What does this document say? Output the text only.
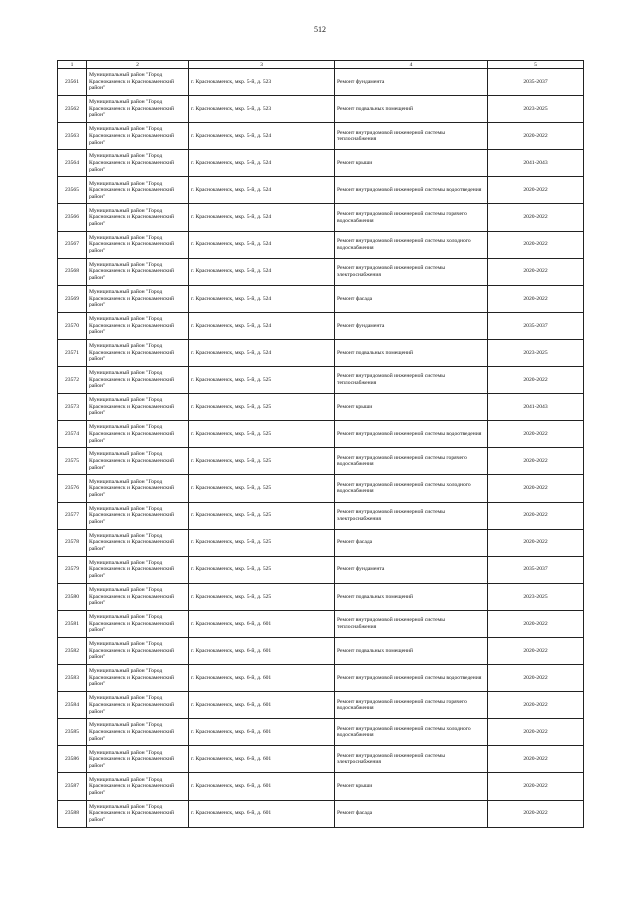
512
1	2	3	4	5
23561	Муниципальный район "Город Краснокаменск и Краснокаменский район"	г. Краснокаменск, мкр. 5-й, д. 523	Ремонт фундамента	2035-2037
23562	Муниципальный район "Город Краснокаменск и Краснокаменский район"	г. Краснокаменск, мкр. 5-й, д. 523	Ремонт подвальных помещений	2023-2025
23563	Муниципальный район "Город Краснокаменск и Краснокаменский район"	г. Краснокаменск, мкр. 5-й, д. 524	Ремонт внутридомовой инженерной системы теплоснабжения	2020-2022
23564	Муниципальный район "Город Краснокаменск и Краснокаменский район"	г. Краснокаменск, мкр. 5-й, д. 524	Ремонт крыши	2041-2043
23565	Муниципальный район "Город Краснокаменск и Краснокаменский район"	г. Краснокаменск, мкр. 5-й, д. 524	Ремонт внутридомовой инженерной системы водоотведения	2020-2022
23566	Муниципальный район "Город Краснокаменск и Краснокаменский район"	г. Краснокаменск, мкр. 5-й, д. 524	Ремонт внутридомовой инженерной системы горячего водоснабжения	2020-2022
23567	Муниципальный район "Город Краснокаменск и Краснокаменский район"	г. Краснокаменск, мкр. 5-й, д. 524	Ремонт внутридомовой инженерной системы холодного водоснабжения	2020-2022
23568	Муниципальный район "Город Краснокаменск и Краснокаменский район"	г. Краснокаменск, мкр. 5-й, д. 524	Ремонт внутридомовой инженерной системы электроснабжения	2020-2022
23569	Муниципальный район "Город Краснокаменск и Краснокаменский район"	г. Краснокаменск, мкр. 5-й, д. 524	Ремонт фасада	2020-2022
23570	Муниципальный район "Город Краснокаменск и Краснокаменский район"	г. Краснокаменск, мкр. 5-й, д. 524	Ремонт фундамента	2035-2037
23571	Муниципальный район "Город Краснокаменск и Краснокаменский район"	г. Краснокаменск, мкр. 5-й, д. 524	Ремонт подвальных помещений	2023-2025
23572	Муниципальный район "Город Краснокаменск и Краснокаменский район"	г. Краснокаменск, мкр. 5-й, д. 525	Ремонт внутридомовой инженерной системы теплоснабжения	2020-2022
23573	Муниципальный район "Город Краснокаменск и Краснокаменский район"	г. Краснокаменск, мкр. 5-й, д. 525	Ремонт крыши	2041-2043
23574	Муниципальный район "Город Краснокаменск и Краснокаменский район"	г. Краснокаменск, мкр. 5-й, д. 525	Ремонт внутридомовой инженерной системы водоотведения	2020-2022
23575	Муниципальный район "Город Краснокаменск и Краснокаменский район"	г. Краснокаменск, мкр. 5-й, д. 525	Ремонт внутридомовой инженерной системы горячего водоснабжения	2020-2022
23576	Муниципальный район "Город Краснокаменск и Краснокаменский район"	г. Краснокаменск, мкр. 5-й, д. 525	Ремонт внутридомовой инженерной системы холодного водоснабжения	2020-2022
23577	Муниципальный район "Город Краснокаменск и Краснокаменский район"	г. Краснокаменск, мкр. 5-й, д. 525	Ремонт внутридомовой инженерной системы электроснабжения	2020-2022
23578	Муниципальный район "Город Краснокаменск и Краснокаменский район"	г. Краснокаменск, мкр. 5-й, д. 525	Ремонт фасада	2020-2022
23579	Муниципальный район "Город Краснокаменск и Краснокаменский район"	г. Краснокаменск, мкр. 5-й, д. 525	Ремонт фундамента	2035-2037
23580	Муниципальный район "Город Краснокаменск и Краснокаменский район"	г. Краснокаменск, мкр. 5-й, д. 525	Ремонт подвальных помещений	2023-2025
23581	Муниципальный район "Город Краснокаменск и Краснокаменский район"	г. Краснокаменск, мкр. 6-й, д. 601	Ремонт внутридомовой инженерной системы теплоснабжения	2020-2022
23582	Муниципальный район "Город Краснокаменск и Краснокаменский район"	г. Краснокаменск, мкр. 6-й, д. 601	Ремонт подвальных помещений	2020-2022
23583	Муниципальный район "Город Краснокаменск и Краснокаменский район"	г. Краснокаменск, мкр. 6-й, д. 601	Ремонт внутридомовой инженерной системы водоотведения	2020-2022
23584	Муниципальный район "Город Краснокаменск и Краснокаменский район"	г. Краснокаменск, мкр. 6-й, д. 601	Ремонт внутридомовой инженерной системы горячего водоснабжения	2020-2022
23585	Муниципальный район "Город Краснокаменск и Краснокаменский район"	г. Краснокаменск, мкр. 6-й, д. 601	Ремонт внутридомовой инженерной системы холодного водоснабжения	2020-2022
23586	Муниципальный район "Город Краснокаменск и Краснокаменский район"	г. Краснокаменск, мкр. 6-й, д. 601	Ремонт внутридомовой инженерной системы электроснабжения	2020-2022
23587	Муниципальный район "Город Краснокаменск и Краснокаменский район"	г. Краснокаменск, мкр. 6-й, д. 601	Ремонт крыши	2020-2022
23588	Муниципальный район "Город Краснокаменск и Краснокаменский район"	г. Краснокаменск, мкр. 6-й, д. 601	Ремонт фасада	2020-2022
